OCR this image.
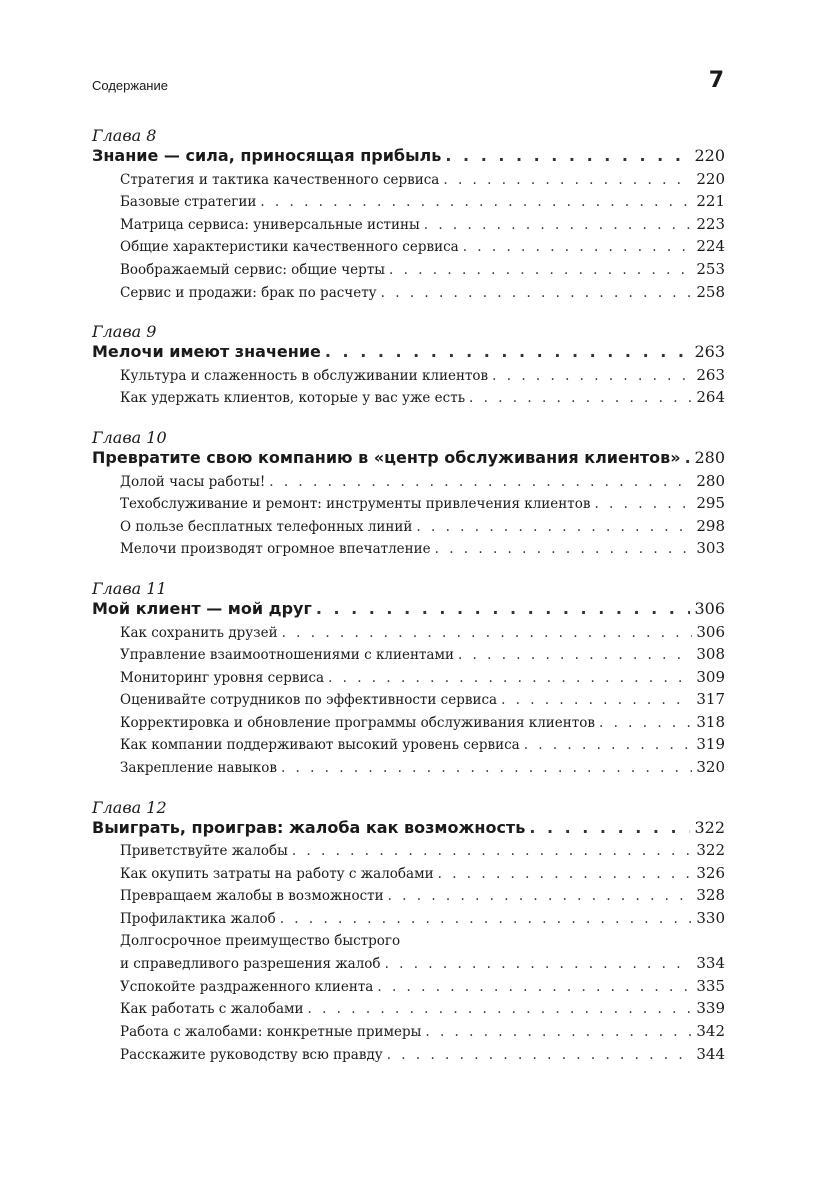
Содержание	7
Глава 8
Знание — сила, приносящая прибыль . . .	220
Стратегия и тактика качественного сервиса . . .	220
Базовые стратегии . . .	221
Матрица сервиса: универсальные истины . . .	223
Общие характеристики качественного сервиса . . .	224
Воображаемый сервис: общие черты . . .	253
Сервис и продажи: брак по расчету . . .	258
Глава 9
Мелочи имеют значение . . .	263
Культура и слаженность в обслуживании клиентов . . .	263
Как удержать клиентов, которые у вас уже есть . . .	264
Глава 10
Превратите свою компанию в «центр обслуживания клиентов» . . . 280
Долой часы работы! . . .	280
Техобслуживание и ремонт: инструменты привлечения клиентов . . .	295
О пользе бесплатных телефонных линий . . .	298
Мелочи производят огромное впечатление . . .	303
Глава 11
Мой клиент — мой друг . . .	306
Как сохранить друзей . . .	306
Управление взаимоотношениями с клиентами . . .	308
Мониторинг уровня сервиса . . .	309
Оценивайте сотрудников по эффективности сервиса . . .	317
Корректировка и обновление программы обслуживания клиентов . . .	318
Как компании поддерживают высокий уровень сервиса . . .	319
Закрепление навыков . . .	320
Глава 12
Выиграть, проиграв: жалоба как возможность . . .	322
Приветствуйте жалобы . . .	322
Как окупить затраты на работу с жалобами . . .	326
Превращаем жалобы в возможности . . .	328
Профилактика жалоб . . .	330
Долгосрочное преимущество быстрого
и справедливого разрешения жалоб . . .	334
Успокойте раздраженного клиента . . .	335
Как работать с жалобами . . .	339
Работа с жалобами: конкретные примеры . . .	342
Расскажите руководству всю правду . . .	344
